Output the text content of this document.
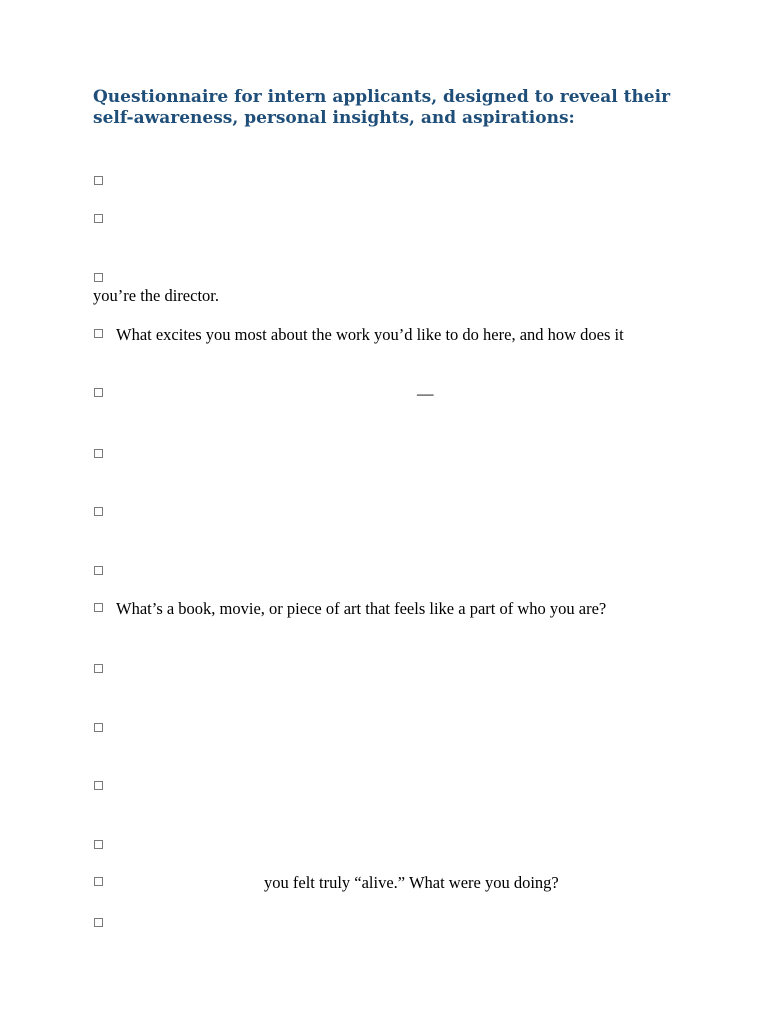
Questionnaire for intern applicants, designed to reveal their
self-awareness, personal insights, and aspirations:
you’re the director.
What excites you most about the work you’d like to do here, and how does it
—
What’s a book, movie, or piece of art that feels like a part of who you are?
you felt truly “alive.” What were you doing?
